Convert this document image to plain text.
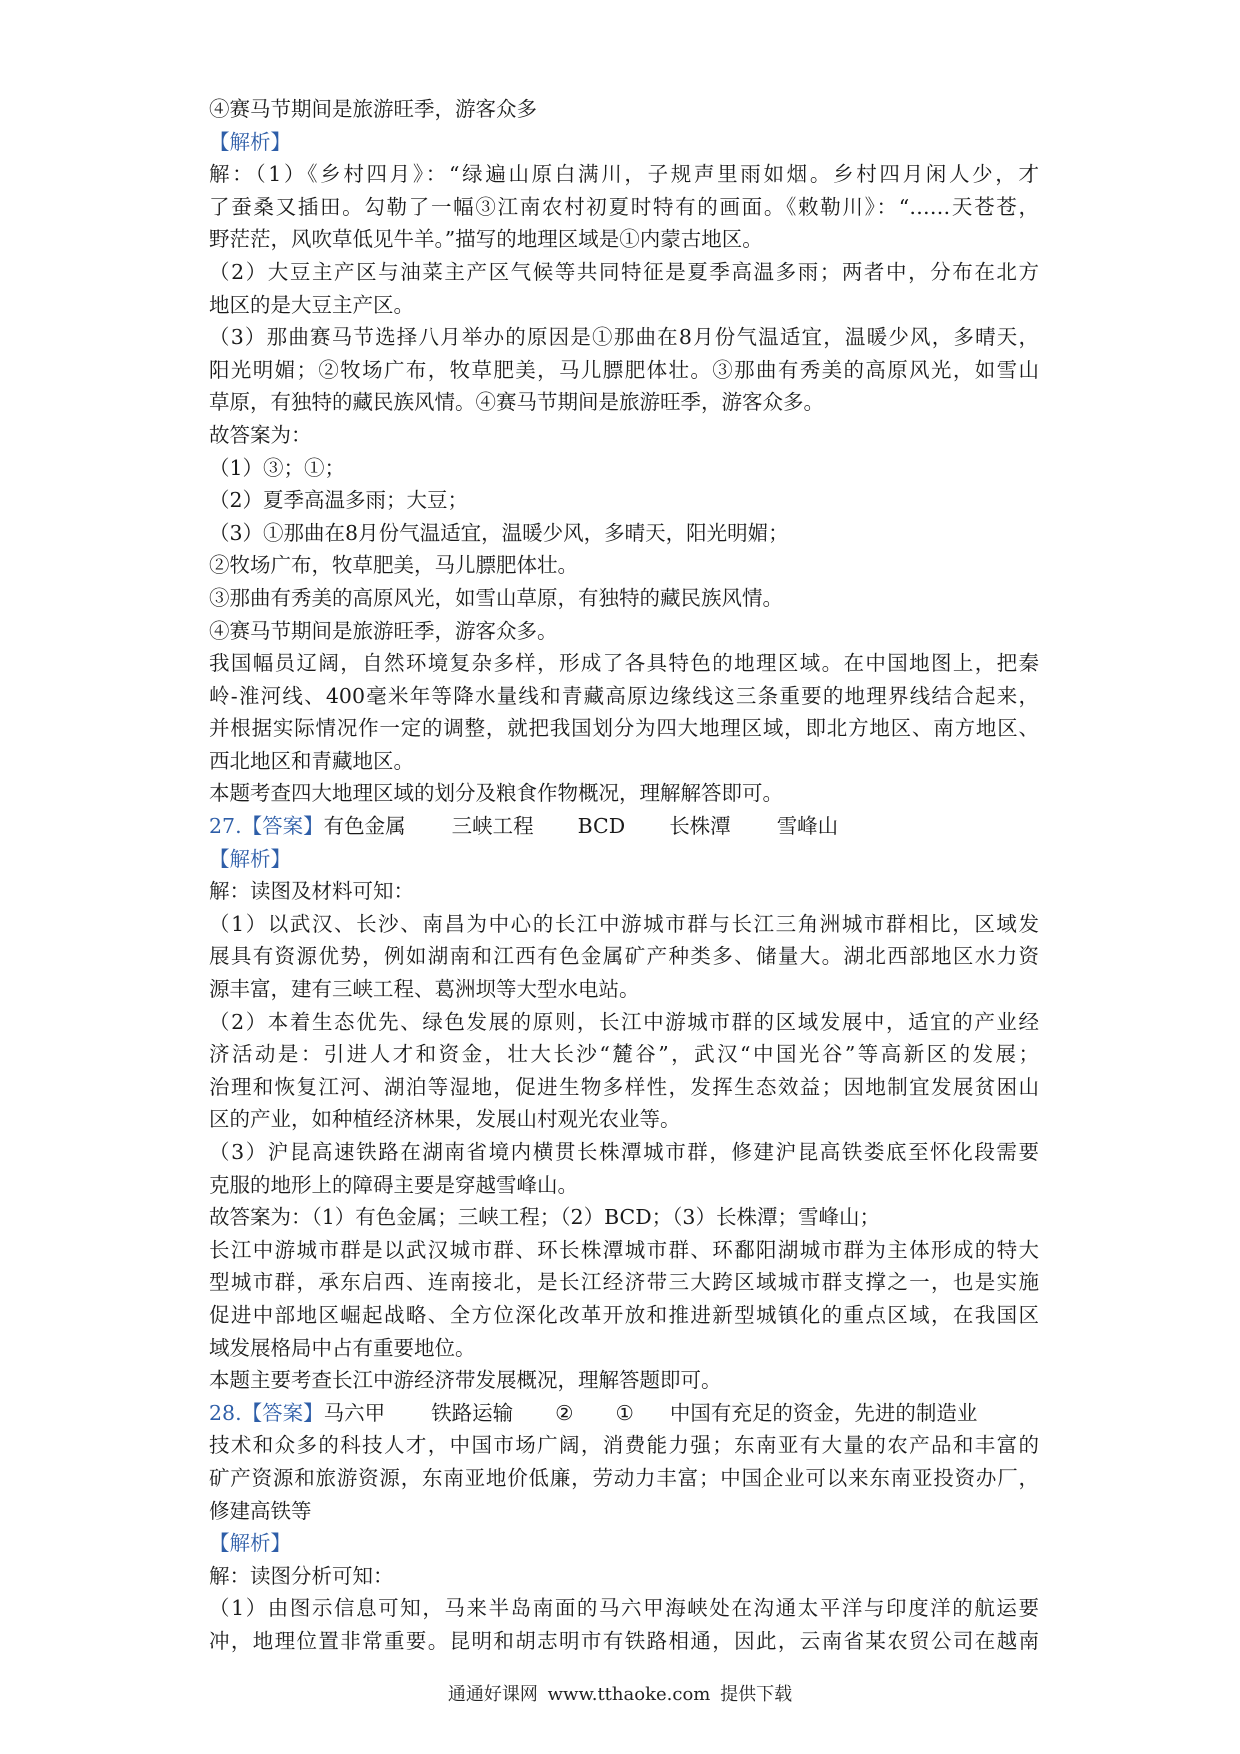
④赛马节期间是旅游旺季，游客众多
【解析】
解：（1）《乡村四月》：“绿遍山原白满川，子规声里雨如烟。乡村四月闲人少，才
了蚕桑又插田。勾勒了一幅③江南农村初夏时特有的画面。《敕勒川》：“……天苍苍，
野茫茫，风吹草低见牛羊。”描写的地理区域是①内蒙古地区。
（2）大豆主产区与油菜主产区气候等共同特征是夏季高温多雨；两者中，分布在北方
地区的是大豆主产区。
（3）那曲赛马节选择八月举办的原因是①那曲在8月份气温适宜，温暖少风，多晴天，
阳光明媚；②牧场广布，牧草肥美，马儿膘肥体壮。③那曲有秀美的高原风光，如雪山
草原，有独特的藏民族风情。④赛马节期间是旅游旺季，游客众多。
故答案为：
（1）③；①；
（2）夏季高温多雨；大豆；
（3）①那曲在8月份气温适宜，温暖少风，多晴天，阳光明媚；
②牧场广布，牧草肥美，马儿膘肥体壮。
③那曲有秀美的高原风光，如雪山草原，有独特的藏民族风情。
④赛马节期间是旅游旺季，游客众多。
我国幅员辽阔，自然环境复杂多样，形成了各具特色的地理区域。在中国地图上，把秦
岭-淮河线、400毫米年等降水量线和青藏高原边缘线这三条重要的地理界线结合起来，
并根据实际情况作一定的调整，就把我国划分为四大地理区域，即北方地区、南方地区、
西北地区和青藏地区。
本题考查四大地理区域的划分及粮食作物概况，理解解答即可。
27.【答案】有色金属 三峡工程 BCD 长株潭 雪峰山
【解析】
解：读图及材料可知：
（1）以武汉、长沙、南昌为中心的长江中游城市群与长江三角洲城市群相比，区域发
展具有资源优势，例如湖南和江西有色金属矿产种类多、储量大。湖北西部地区水力资
源丰富，建有三峡工程、葛洲坝等大型水电站。
（2）本着生态优先、绿色发展的原则，长江中游城市群的区域发展中，适宜的产业经
济活动是：引进人才和资金，壮大长沙“麓谷”，武汉“中国光谷”等高新区的发展；
治理和恢复江河、湖泊等湿地，促进生物多样性，发挥生态效益；因地制宜发展贫困山
区的产业，如种植经济林果，发展山村观光农业等。
（3）沪昆高速铁路在湖南省境内横贯长株潭城市群，修建沪昆高铁娄底至怀化段需要
克服的地形上的障碍主要是穿越雪峰山。
故答案为：（1）有色金属；三峡工程；（2）BCD；（3）长株潭；雪峰山；
长江中游城市群是以武汉城市群、环长株潭城市群、环鄱阳湖城市群为主体形成的特大
型城市群，承东启西、连南接北，是长江经济带三大跨区域城市群支撑之一，也是实施
促进中部地区崛起战略、全方位深化改革开放和推进新型城镇化的重点区域，在我国区
域发展格局中占有重要地位。
本题主要考查长江中游经济带发展概况，理解答题即可。
28.【答案】马六甲 铁路运输 ② ① 中国有充足的资金，先进的制造业
技术和众多的科技人才，中国市场广阔，消费能力强；东南亚有大量的农产品和丰富的
矿产资源和旅游资源，东南亚地价低廉，劳动力丰富；中国企业可以来东南亚投资办厂，
修建高铁等
【解析】
解：读图分析可知：
（1）由图示信息可知，马来半岛南面的马六甲海峡处在沟通太平洋与印度洋的航运要
冲，地理位置非常重要。昆明和胡志明市有铁路相通，因此，云南省某农贸公司在越南
通通好课网 www.tthaoke.com 提供下载
